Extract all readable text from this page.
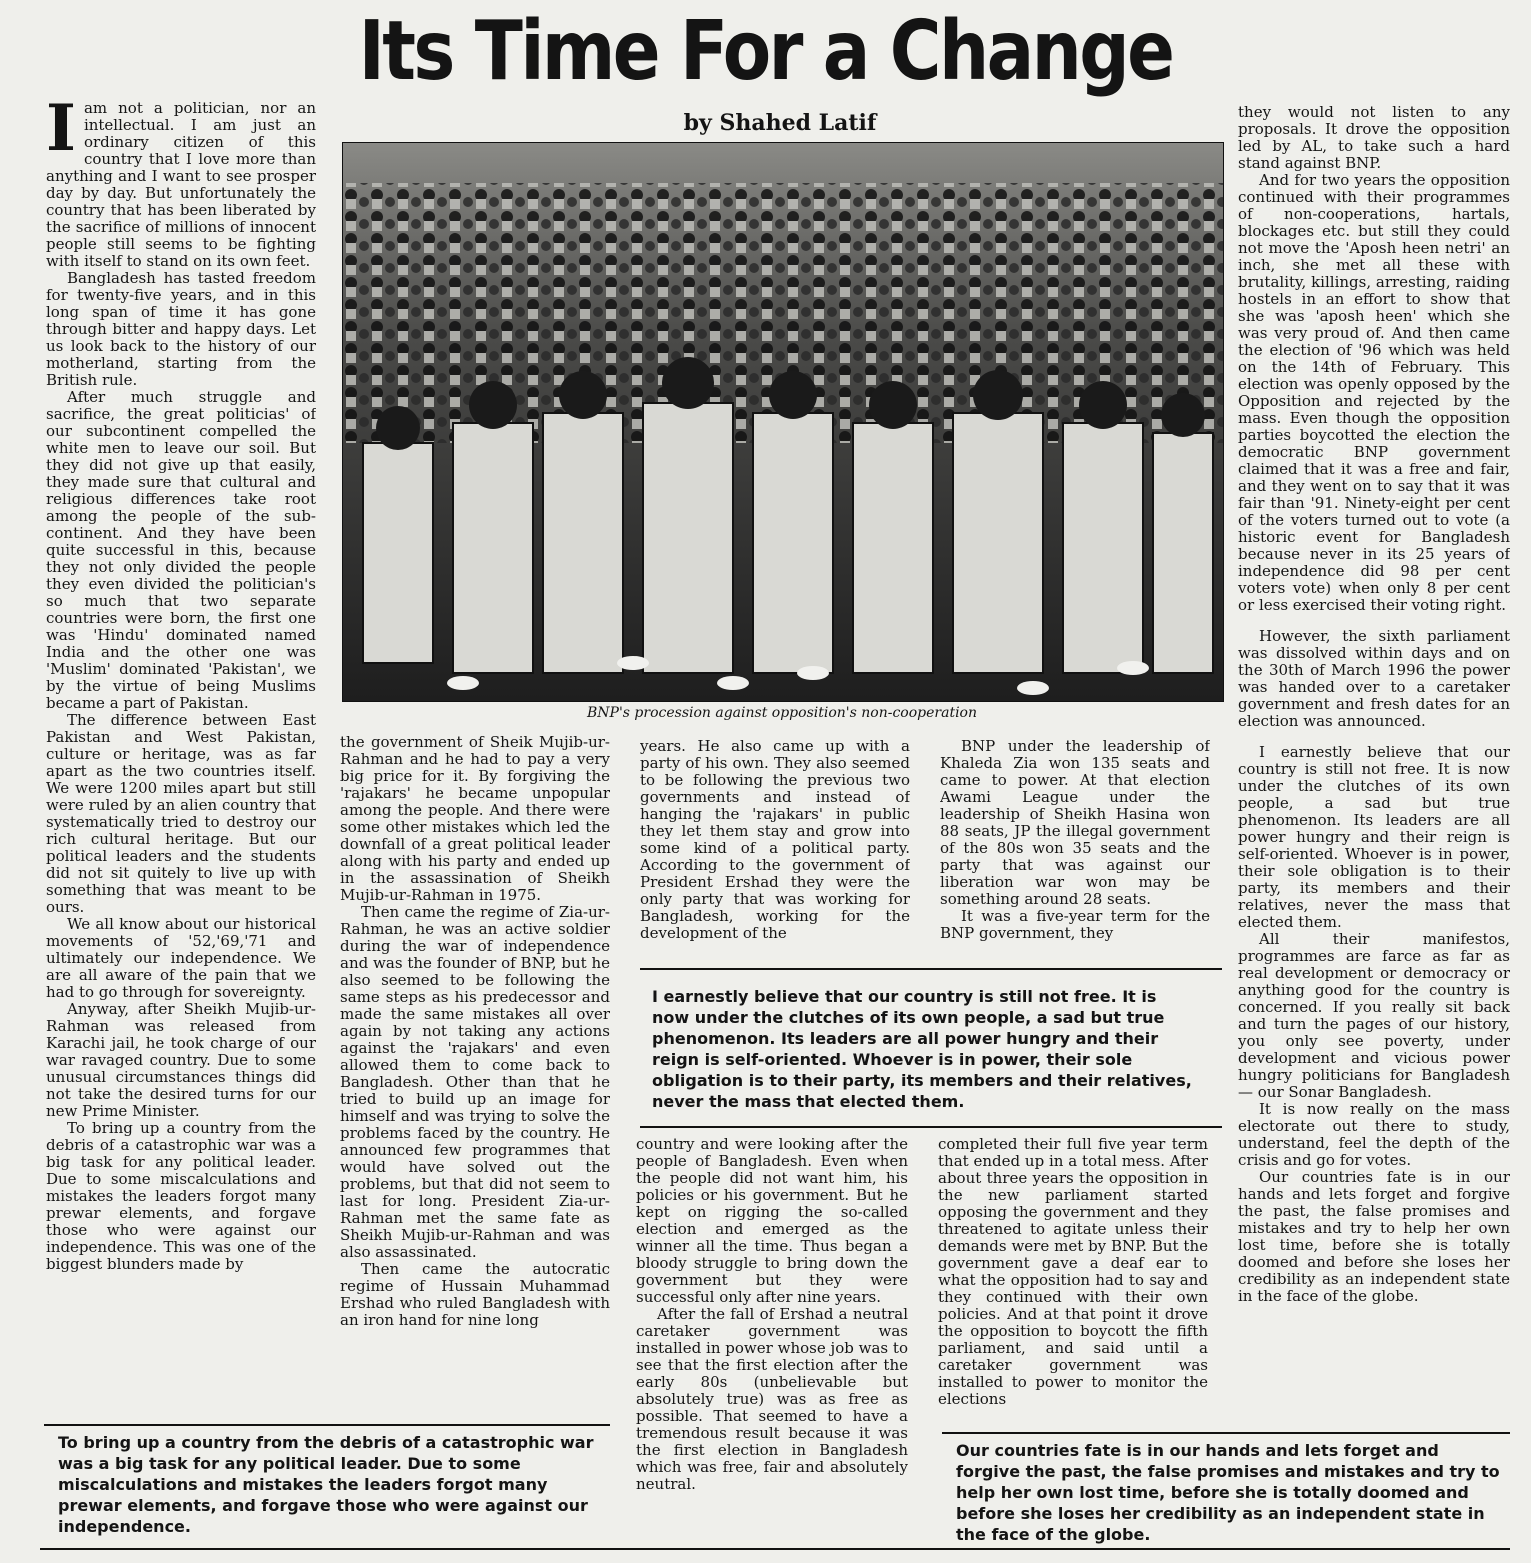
Its Time For a Change
by Shahed Latif

Iam not a politician, nor an intellectual. I am just an ordinary citizen of this country that I love more than anything and I want to see prosper day by day. But unfortunately the country that has been liberated by the sacrifice of millions of innocent people still seems to be fighting with itself to stand on its own feet.

Bangladesh has tasted freedom for twenty-five years, and in this long span of time it has gone through bitter and happy days. Let us look back to the history of our motherland, starting from the British rule.

After much struggle and sacrifice, the great politicias' of our subcontinent compelled the white men to leave our soil. But they did not give up that easily, they made sure that cultural and religious differences take root among the people of the sub-continent. And they have been quite successful in this, because they not only divided the people they even divided the politician's so much that two separate countries were born, the first one was 'Hindu' dominated named India and the other one was 'Muslim' dominated 'Pakistan', we by the virtue of being Muslims became a part of Pakistan.

The difference between East Pakistan and West Pakistan, culture or heritage, was as far apart as the two countries itself. We were 1200 miles apart but still were ruled by an alien country that systematically tried to destroy our rich cultural heritage. But our political leaders and the students did not sit quitely to live up with something that was meant to be ours.

We all know about our historical movements of '52,'69,'71 and ultimately our independence. We are all aware of the pain that we had to go through for sovereignty.

Anyway, after Sheikh Mujib-ur-Rahman was released from Karachi jail, he took charge of our war ravaged country. Due to some unusual circumstances things did not take the desired turns for our new Prime Minister.

To bring up a country from the debris of a catastrophic war was a big task for any political leader. Due to some miscalculations and mistakes the leaders forgot many prewar elements, and forgave those who were against our independence. This was one of the biggest blunders made by

BNP's procession against opposition's non-cooperation

the government of Sheik Mujib-ur-Rahman and he had to pay a very big price for it. By forgiving the 'rajakars' he became unpopular among the people. And there were some other mistakes which led the downfall of a great political leader along with his party and ended up in the assassination of Sheikh Mujib-ur-Rahman in 1975.

Then came the regime of Zia-ur-Rahman, he was an active soldier during the war of independence and was the founder of BNP, but he also seemed to be following the same steps as his predecessor and made the same mistakes all over again by not taking any actions against the 'rajakars' and even allowed them to come back to Bangladesh. Other than that he tried to build up an image for himself and was trying to solve the problems faced by the country. He announced few programmes that would have solved out the problems, but that did not seem to last for long. President Zia-ur-Rahman met the same fate as Sheikh Mujib-ur-Rahman and was also assassinated.

Then came the autocratic regime of Hussain Muhammad Ershad who ruled Bangladesh with an iron hand for nine long

years. He also came up with a party of his own. They also seemed to be following the previous two governments and instead of hanging the 'rajakars' in public they let them stay and grow into some kind of a political party. According to the government of President Ershad they were the only party that was working for Bangladesh, working for the development of the

BNP under the leadership of Khaleda Zia won 135 seats and came to power. At that election Awami League under the leadership of Sheikh Hasina won 88 seats, JP the illegal government of the 80s won 35 seats and the party that was against our liberation war won may be something around 28 seats.

It was a five-year term for the BNP government, they

I earnestly believe that our country is still not free. It is now under the clutches of its own people, a sad but true phenomenon. Its leaders are all power hungry and their reign is self-oriented. Whoever is in power, their sole obligation is to their party, its members and their relatives, never the mass that elected them.

country and were looking after the people of Bangladesh. Even when the people did not want him, his policies or his government. But he kept on rigging the so-called election and emerged as the winner all the time. Thus began a bloody struggle to bring down the government but they were successful only after nine years.

After the fall of Ershad a neutral caretaker government was installed in power whose job was to see that the first election after the early 80s (unbelievable but absolutely true) was as free as possible. That seemed to have a tremendous result because it was the first election in Bangladesh which was free, fair and absolutely neutral.

completed their full five year term that ended up in a total mess. After about three years the opposition in the new parliament started opposing the government and they threatened to agitate unless their demands were met by BNP. But the government gave a deaf ear to what the opposition had to say and they continued with their own policies. And at that point it drove the opposition to boycott the fifth parliament, and said until a caretaker government was installed to power to monitor the elections

they would not listen to any proposals. It drove the opposition led by AL, to take such a hard stand against BNP.

And for two years the opposition continued with their programmes of non-cooperations, hartals, blockages etc. but still they could not move the 'Aposh heen netri' an inch, she met all these with brutality, killings, arresting, raiding hostels in an effort to show that she was 'aposh heen' which she was very proud of. And then came the election of '96 which was held on the 14th of February. This election was openly opposed by the Opposition and rejected by the mass. Even though the opposition parties boycotted the election the democratic BNP government claimed that it was a free and fair, and they went on to say that it was fair than '91. Ninety-eight per cent of the voters turned out to vote (a historic event for Bangladesh because never in its 25 years of independence did 98 per cent voters vote) when only 8 per cent or less exercised their voting right.

However, the sixth parliament was dissolved within days and on the 30th of March 1996 the power was handed over to a caretaker government and fresh dates for an election was announced.

I earnestly believe that our country is still not free. It is now under the clutches of its own people, a sad but true phenomenon. Its leaders are all power hungry and their reign is self-oriented. Whoever is in power, their sole obligation is to their party, its members and their relatives, never the mass that elected them.

All their manifestos, programmes are farce as far as real development or democracy or anything good for the country is concerned. If you really sit back and turn the pages of our history, you only see poverty, under development and vicious power hungry politicians for Bangladesh — our Sonar Bangladesh.

It is now really on the mass electorate out there to study, understand, feel the depth of the crisis and go for votes.

Our countries fate is in our hands and lets forget and forgive the past, the false promises and mistakes and try to help her own lost time, before she is totally doomed and before she loses her credibility as an independent state in the face of the globe.

To bring up a country from the debris of a catastrophic war was a big task for any political leader. Due to some miscalculations and mistakes the leaders forgot many prewar elements, and forgave those who were against our independence.
Our countries fate is in our hands and lets forget and forgive the past, the false promises and mistakes and try to help her own lost time, before she is totally doomed and before she loses her credibility as an independent state in the face of the globe.
